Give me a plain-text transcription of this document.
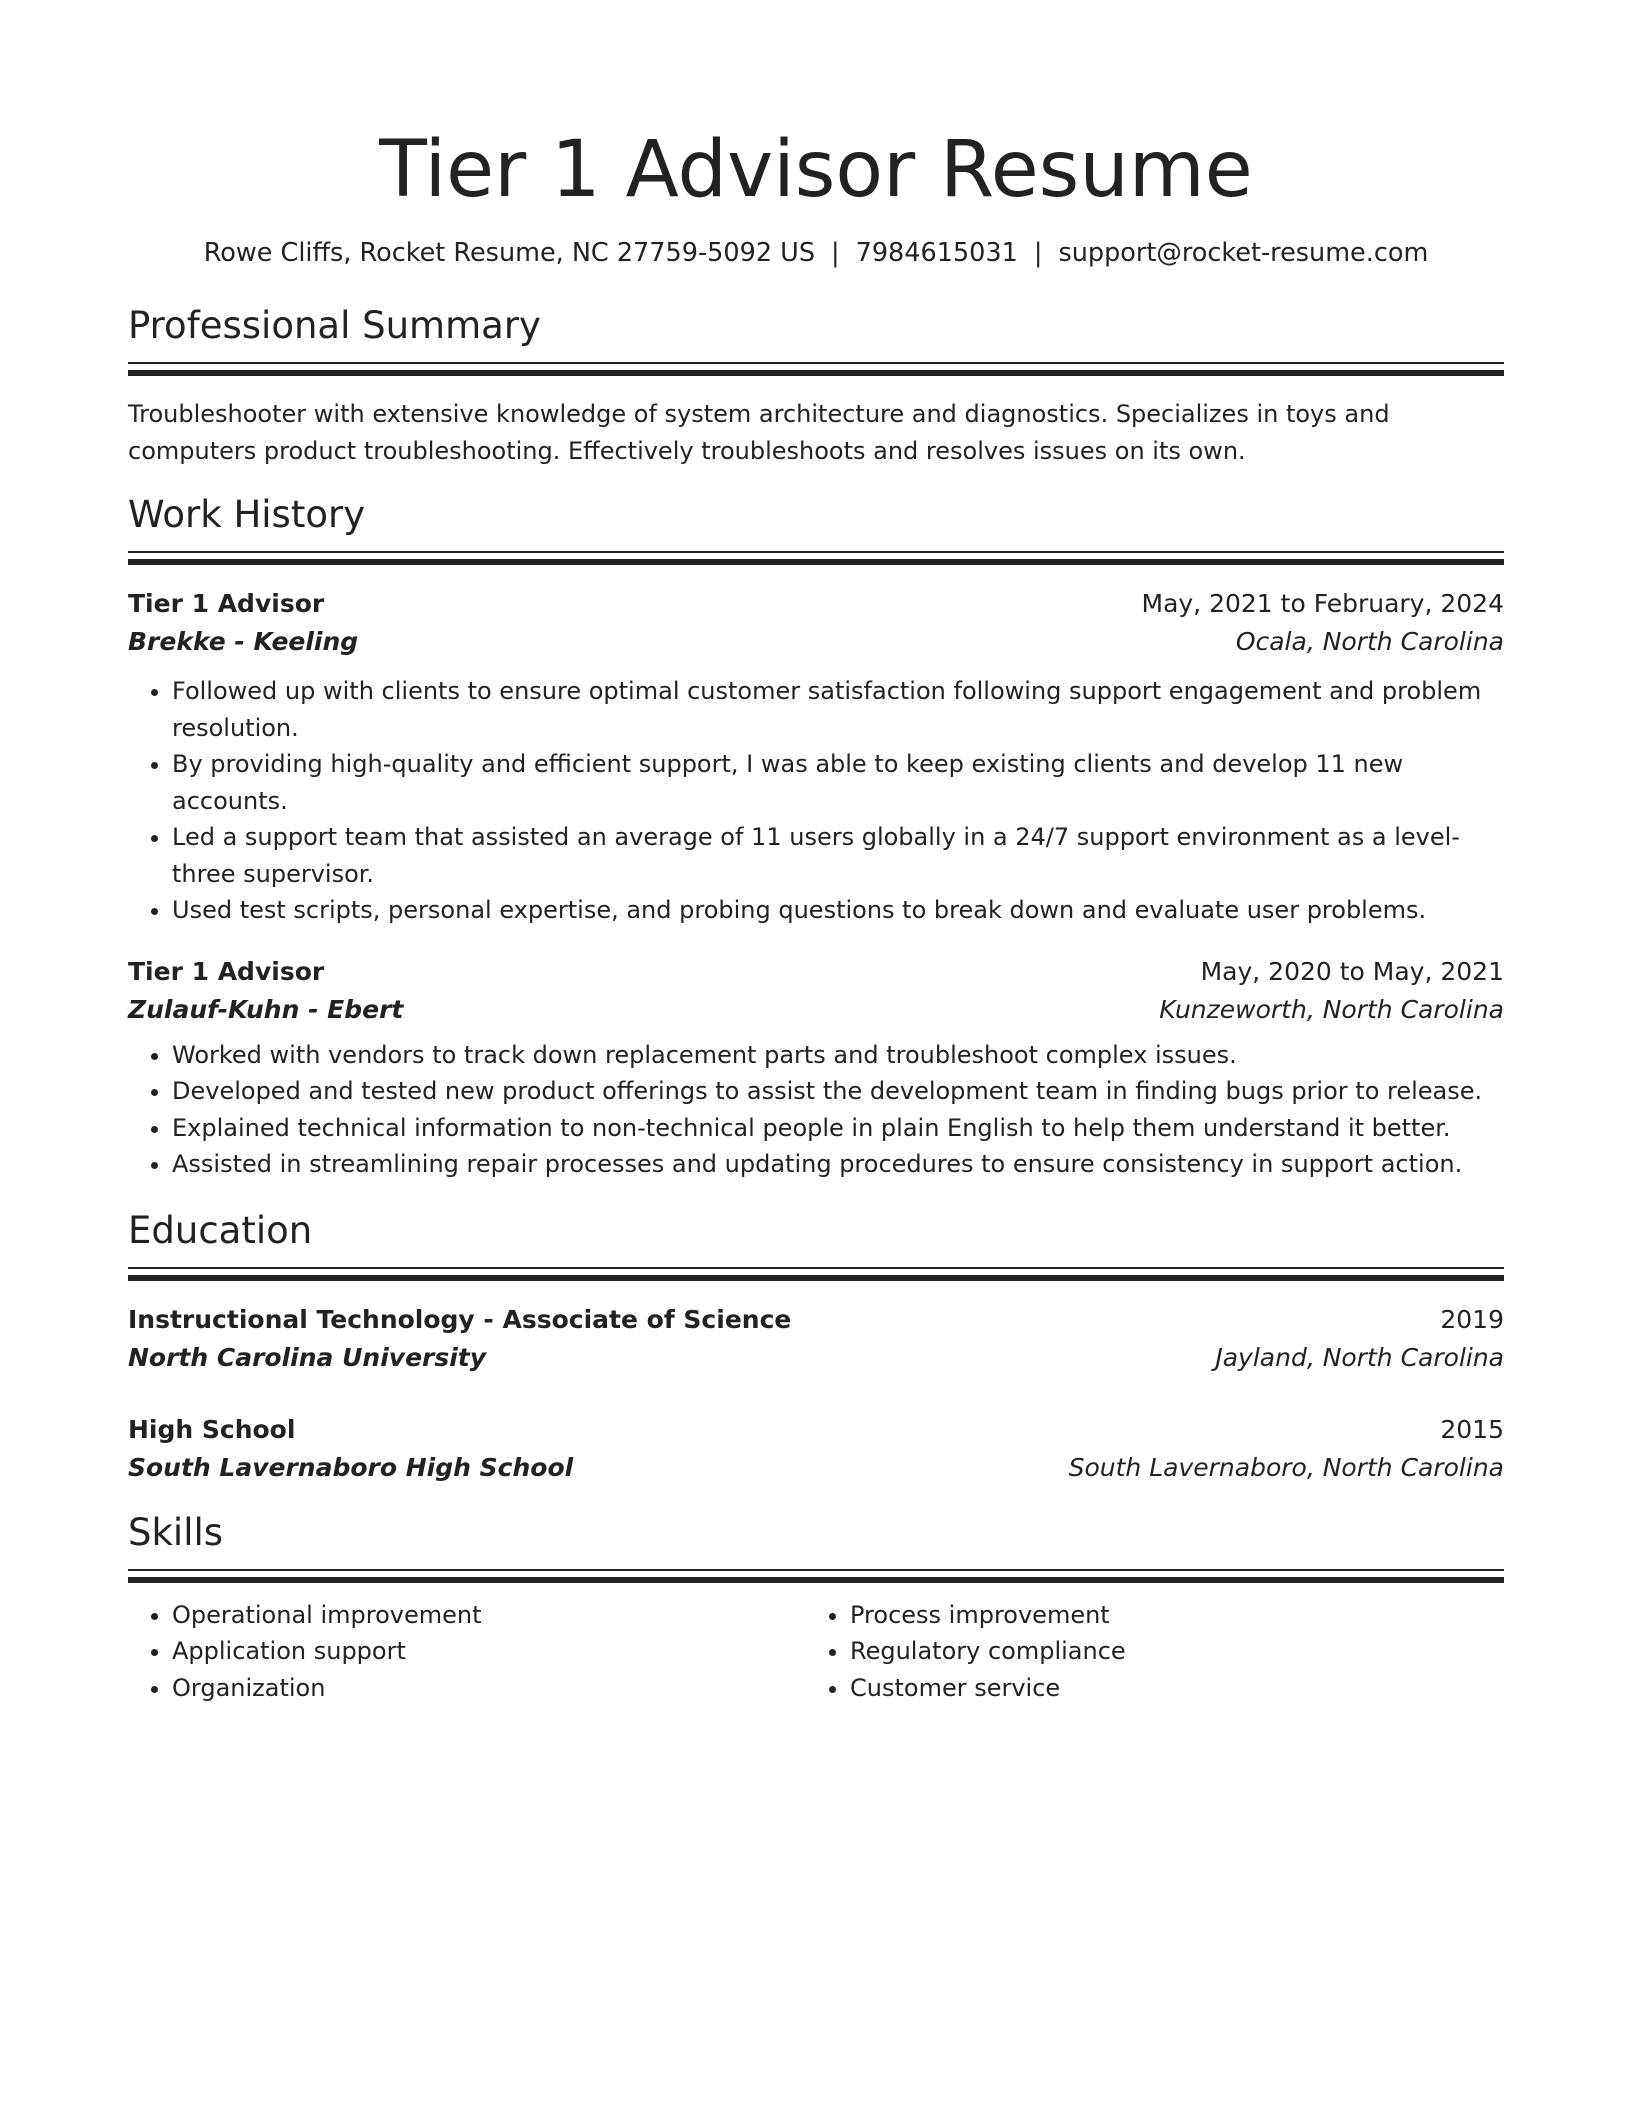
Tier 1 Advisor Resume
Rowe Cliffs, Rocket Resume, NC 27759-5092 US | 7984615031 | support@rocket-resume.com
Professional Summary

Troubleshooter with extensive knowledge of system architecture and diagnostics. Specializes in toys and computers product troubleshooting. Effectively troubleshoots and resolves issues on its own.

Work History
Tier 1 Advisor	May, 2021 to February, 2024
Brekke - Keeling	Ocala, North Carolina
• Followed up with clients to ensure optimal customer satisfaction following support engagement and problem resolution.
• By providing high-quality and efficient support, I was able to keep existing clients and develop 11 new accounts.
• Led a support team that assisted an average of 11 users globally in a 24/7 support environment as a level-three supervisor.
• Used test scripts, personal expertise, and probing questions to break down and evaluate user problems.
Tier 1 Advisor	May, 2020 to May, 2021
Zulauf-Kuhn - Ebert	Kunzeworth, North Carolina
• Worked with vendors to track down replacement parts and troubleshoot complex issues.
• Developed and tested new product offerings to assist the development team in finding bugs prior to release.
• Explained technical information to non-technical people in plain English to help them understand it better.
• Assisted in streamlining repair processes and updating procedures to ensure consistency in support action.
Education
Instructional Technology - Associate of Science	2019
North Carolina University	Jayland, North Carolina
High School	2015
South Lavernaboro High School	South Lavernaboro, North Carolina
Skills
• Operational improvement
• Application support
• Organization
• Process improvement
• Regulatory compliance
• Customer service
